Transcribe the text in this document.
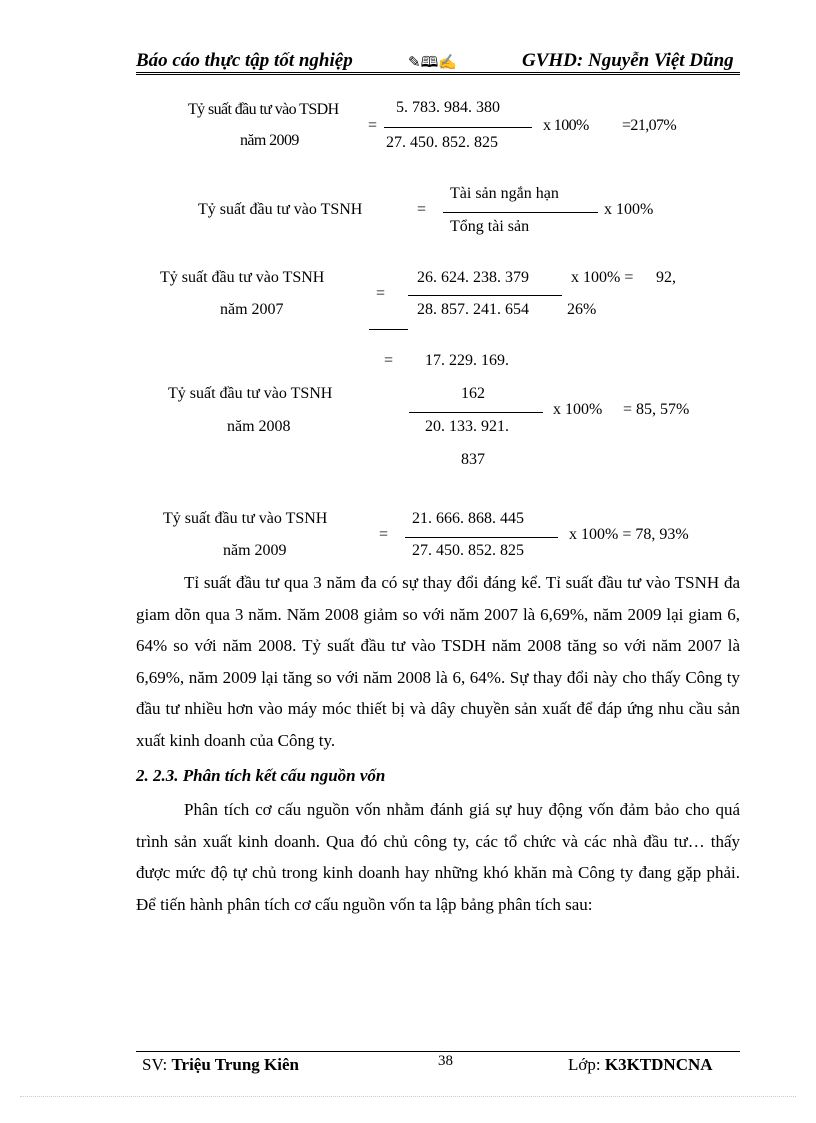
Báo cáo thực tập tốt nghiệp	✎🕮✍	GVHD: Nguyễn Việt Dũng
Tỷ suất đầu tư vào TSDH
năm 2009
=
5. 783. 984. 380
27. 450. 852. 825
x 100% =21,07%
Tỷ suất đầu tư vào TSNH	=
Tài sản ngắn hạn
Tổng tài sản
x 100%
Tỷ suất đầu tư vào TSNH
năm 2007
=
26. 624. 238. 379
28. 857. 241. 654
x 100% = 92,
26%
= 17. 229. 169.
Tỷ suất đầu tư vào TSNH	162
x 100% = 85, 57%
năm 2008	20. 133. 921.
837
Tỷ suất đầu tư vào TSNH
năm 2009
=
21. 666. 868. 445
27. 450. 852. 825
x 100% = 78, 93%
Tỉ suất đầu tư qua 3 năm đa có sự thay đổi đáng kể. Tỉ suất đầu tư vào TSNH đa giam dõn qua 3 năm. Năm 2008 giảm so với năm 2007 là 6,69%, năm 2009 lại giam 6, 64% so với năm 2008. Tỷ suất đầu tư vào TSDH năm 2008 tăng so với năm 2007 là 6,69%, năm 2009 lại tăng so với năm 2008 là 6, 64%. Sự thay đổi này cho thấy Công ty đầu tư nhiều hơn vào máy móc thiết bị và dây chuyền sản xuất để đáp ứng nhu cầu sản xuất kinh doanh của Công ty.
2. 2.3. Phân tích kết cấu nguồn vốn
Phân tích cơ cấu nguồn vốn nhằm đánh giá sự huy động vốn đảm bảo cho quá trình sản xuất kinh doanh. Qua đó chủ công ty, các tổ chức và các nhà đầu tư… thấy được mức độ tự chủ trong kinh doanh hay những khó khăn mà Công ty đang gặp phải. Để tiến hành phân tích cơ cấu nguồn vốn ta lập bảng phân tích sau:
SV: Triệu Trung Kiên	38	Lớp: K3KTDNCNA
